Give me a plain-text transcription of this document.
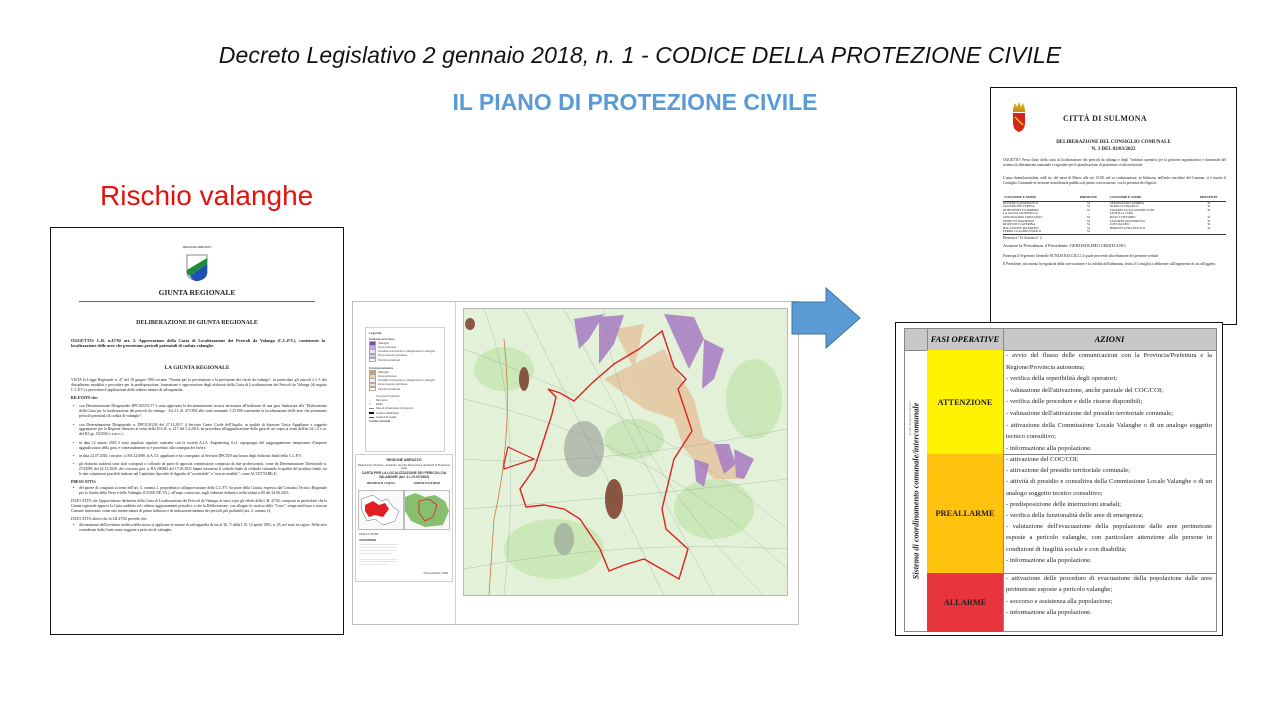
Decreto Legislativo 2 gennaio 2018, n. 1 - CODICE DELLA PROTEZIONE CIVILE
IL PIANO DI PROTEZIONE CIVILE
Rischio valanghe
REGIONE ABRUZZO
GIUNTA REGIONALE
DELIBERAZIONE DI GIUNTA REGIONALE
OGGETTO: L.R. n.47/92 art. 2. Approvazione della Carta di Localizzazione dei Pericoli da Valanga (C.L.P.V.), contenente la localizzazione delle aree che presentano pericoli potenziali di caduta valanghe.
LA GIUNTA REGIONALE

VISTA la Legge Regionale n. 47 del 18 giugno 1992 recante "Norme per la prevenzione e la previsione dei rischi da valanga", in particolare gli articoli 2 e 3 che disciplinano modalità e procedure per la predisposizione, formazione e approvazione degli elaborati della Carta di Localizzazione dei Pericoli da Valanga (di seguito C.L.P.V.) e prevedono l'applicazione delle relative misure di salvaguardia.

RILEVATO che:

• con Determinazione Dirigenziale DPC029/31/17 è stata approvata la documentazione tecnica necessaria all'indizione di una gara finalizzata alla "Elaborazione della Carta per la localizzazione dei pericoli da valanga - Art.2 L.R. 47/1992 alla scala nominale 1:25.000 contenente la localizzazione delle aree che presentano pericoli potenziali di caduta di valanghe";

• con Determinazione Dirigenziale n. DPC018/234 del 27.11.2017 il Servizio Genio Civile dell'Aquila, in qualità di Stazione Unica Appaltante e soggetto aggregatore per la Regione Abruzzo ai sensi della D.G.R. n. 217 del 5.4.2016, ha proceduto all'aggiudicazione della gara di cui sopra ai sensi dell'art.32 c.5 e ss. del D.Lgs. 50/2016 e s.m.e.i.;

• in data 12 marzo 2018 è stato stipulato regolare contratto con la società A.I.A. Engineering S.r.l. capogruppo del raggruppamento temporaneo d'imprese aggiudicatario della gara, e contestualmente si è proceduto alla consegna dei lavori;

• in data 22.07.2020, con prot. n. RA 221088, la A.T.I. appaltatrice ha consegnato al Servizio DPC029 una bozza degli elaborati finali della C.L.P.V.;

• gli elaborati suddetti sono stati sottoposti a collaudo da parte di apposita commissione composta da due professionisti, come da Determinazione Direttoriale n. 274/DPC del 22.12.2020, che con nota prot. n. RA 206842 del 17.05.2021 hanno trasmesso il verbale finale di collaudo valutando la qualità del prodotto finale, tra le due valutazioni possibili indicate nel Capitolato Speciale di Appalto di "accettabile" e "non accettabile", come ACCETTABILE;

PRESO ATTO:

• del parere di congruità ai sensi dell'art. 3, comma 2, propedeutico all'approvazione della C.L.P.V. da parte della Giunta, espresso dal Comitato Tecnico Regionale per lo Studio della Neve e delle Valanghe (CO.RE.NE.VA.), all'uopo convocato, sugli elaborati definitivi nella seduta n.69 del 24.06.2021;

DATO ATTO che l'approvazione definitiva della Carta di Localizzazione dei Pericoli da Valanga, ai sensi e per gli effetti della L.R. 47/92, comporta in particolare che la Giunta regionale approvi la Carta suddetta ed i relativi aggiornamenti periodici, e che la Deliberazione, con allegato lo stralcio della "Carta", venga notificata a ciascun Comune interessato come atto avente natura di primo indirizzo e di indicazione minima dei pericoli più probabili (art. 2, comma 2);

DATO ATTO altresì che la LR 47/92 prevede che:

• dal momento dell'avvenuta notifica della stessa si applicano le misure di salvaguardia di cui al Tit. V della L.R. 12 aprile 1983, n. 18, nel testo in vigore. Nelle aree considerate dalla Carta come soggette a pericolo di valanghe,

Legenda
Evidenze sul terreno
Valanghe
Zone pericolose
Possibile scorrimento e collegamento di valanghe
Zone presunte pericolose
Pericolo localizzato
Fotointerpretazione
Valanghe
Zone pericolose
Possibile scorrimento e collegamento di valanghe
Zone presunte pericolose
Pericolo localizzato
·	Comune di Sulmona
▪	Baricentro
□	Edifici
Rete di infrastrutture di trasporto
Gradino stabilizzato
Impianti di risalita
Confini comunali
REGIONE ABRUZZO
Dipartimento Territorio - Ambiente, Servizio Prevenzione dei Rischi di Protezione Civile
CARTA PER LA LOCALIZZAZIONE DEI PERICOLI DA VALANGHE (Art. 2 L.R.47/1992)
PROVINCIA DI L'AQUILA	COMUNE DI SULMONA
SCALA 1:25.000
AVVERTENZE
─────────────────────────
─────────────────────────
─────────────────────────
─────────────────────

─────────────────────────
─────────────────────────
──────────────────
Prima edizione: 2020
CITTÀ DI SULMONA
DELIBERAZIONE DEL CONSIGLIO COMUNALE
N. 3 DEL 03/03/2022
OGGETTO: Presa d'atto della carta di localizzazione dei pericoli da valanga e degli "indirizzi operativi per la gestione organizzativa e funzionale del sistema di allertamento nazionale e regionale per le pianificazione di protezione civile territoriale
L'anno duemilaventidue, addì tre, del mese di Marzo alle ore 15:00, nel su continuazione, in Sulmona, nell'aula consiliare del Comune, si è riunito il Consiglio Comunale in sessione straordinaria pubblica di primo convocazione, con la presenza dei Signori:
COGNOME E NOME	PRESENTE	COGNOME E NOME	PRESENTE
DI PIERO GIANFRANCO	SI	GEROSOLIMO ANDREA	SI
SANTARONE TERESA	SI	DI ROCCO FRANCO	SI
DI BENEDETTO MIMMO	SI	ZAVARELLA SALVATORE EZIO	SI
LA GATTA ANTONELLA	-	TANTILLI LUIGI	-
GEROSOLIMO CRISTIANO	SI	MASCI VITTORIO	SI
PROIETTI MAURIZIO	SI	LA PORTA ANTONIETTA	SI
DI RIENZO CATERINA	SI	LUPI JACOPO	SI
BALASSONE MAURIZIO	SI	PERROTTA FRANCESCO	SI
FERRO CLAUDIO ENRICO	SI		
Presenti n° 15 Assenti n° 2
Assume la Presidenza il Presidente: GEROSOLIMO CRISTIANO.
Partecipa il Segretario Generale NUNZIA BUCCILLI, il quale provvede alla redazione del presente verbale.
Il Presidente, riscontrata la regolarità della convocazione e la validità dell'adunanza, invita il Consiglio a deliberare sull'argomento di cui all'oggetto.
FASI OPERATIVE	AZIONI
Sistema di coordinamento comunale/intercomunale
Fonte: Regione Abruzzo	ATTENZIONE
- avvio del flusso delle comunicazioni con la Provincia/Prefettura e la Regione/Provincia autonoma;
- verifica della reperibilità degli operatori;
- valutazione dell'attivazione, anche parziale del COC/COI;
- verifica delle procedure e delle risorse disponibili;
- valutazione dell'attivazione del presidio territoriale comunale;
- attivazione della Commissione Locale Valanghe o di un analogo soggetto tecnico consultivo;
- informazione alla popolazione.
PREALLARME
- attivazione del COC/COI;
- attivazione del presidio territoriale comunale;
- attività di presidio e consultiva della Commissione Locale Valanghe o di un analogo soggetto tecnico consultivo;
- predisposizione delle interruzioni stradali;
- verifica della funzionalità delle aree di emergenza;
- valutazione dell'evacuazione della popolazione dalle aree perimetrate esposte a pericolo valanghe, con particolare attenzione alle persone in condizioni di fragilità sociale e con disabilità;
- informazione alla popolazione.
ALLARME
- attivazione delle procedure di evacuazione della popolazione dalle aree perimetrate esposte a pericolo valanghe;
- soccorso e assistenza alla popolazione;
- informazione alla popolazione.
